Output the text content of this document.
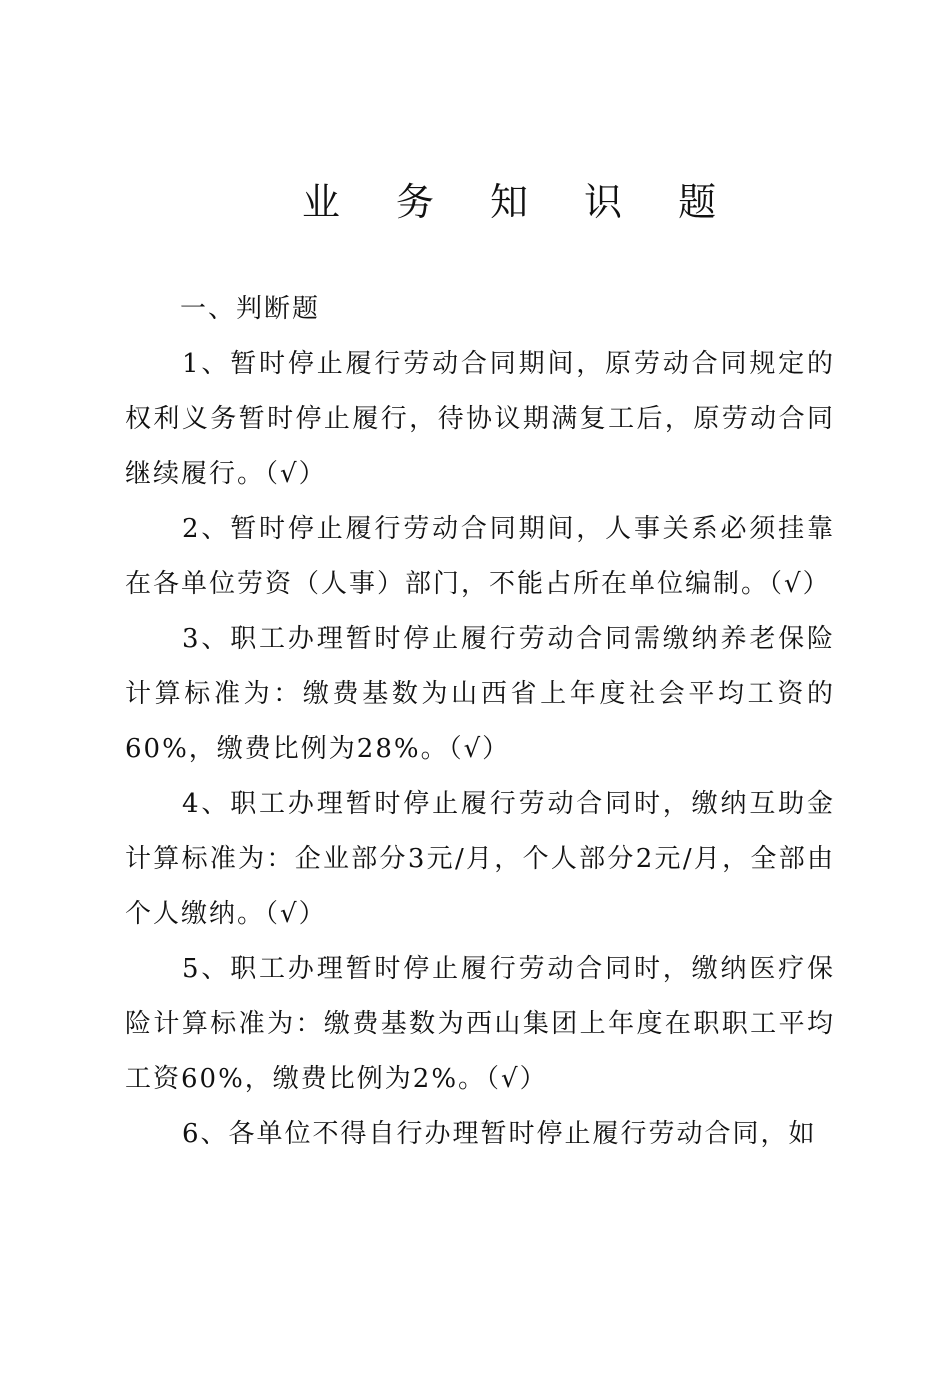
业 务 知 识 题

一、判断题

1、暂时停止履行劳动合同期间，原劳动合同规定的权利义务暂时停止履行，待协议期满复工后，原劳动合同继续履行。（√）

2、暂时停止履行劳动合同期间，人事关系必须挂靠在各单位劳资（人事）部门，不能占所在单位编制。（√）

3、职工办理暂时停止履行劳动合同需缴纳养老保险计算标准为：缴费基数为山西省上年度社会平均工资的60%，缴费比例为28%。（√）

4、职工办理暂时停止履行劳动合同时，缴纳互助金计算标准为：企业部分3元/月，个人部分2元/月，全部由个人缴纳。（√）

5、职工办理暂时停止履行劳动合同时，缴纳医疗保险计算标准为：缴费基数为西山集团上年度在职职工平均工资60%，缴费比例为2%。（√）

6、各单位不得自行办理暂时停止履行劳动合同，如
